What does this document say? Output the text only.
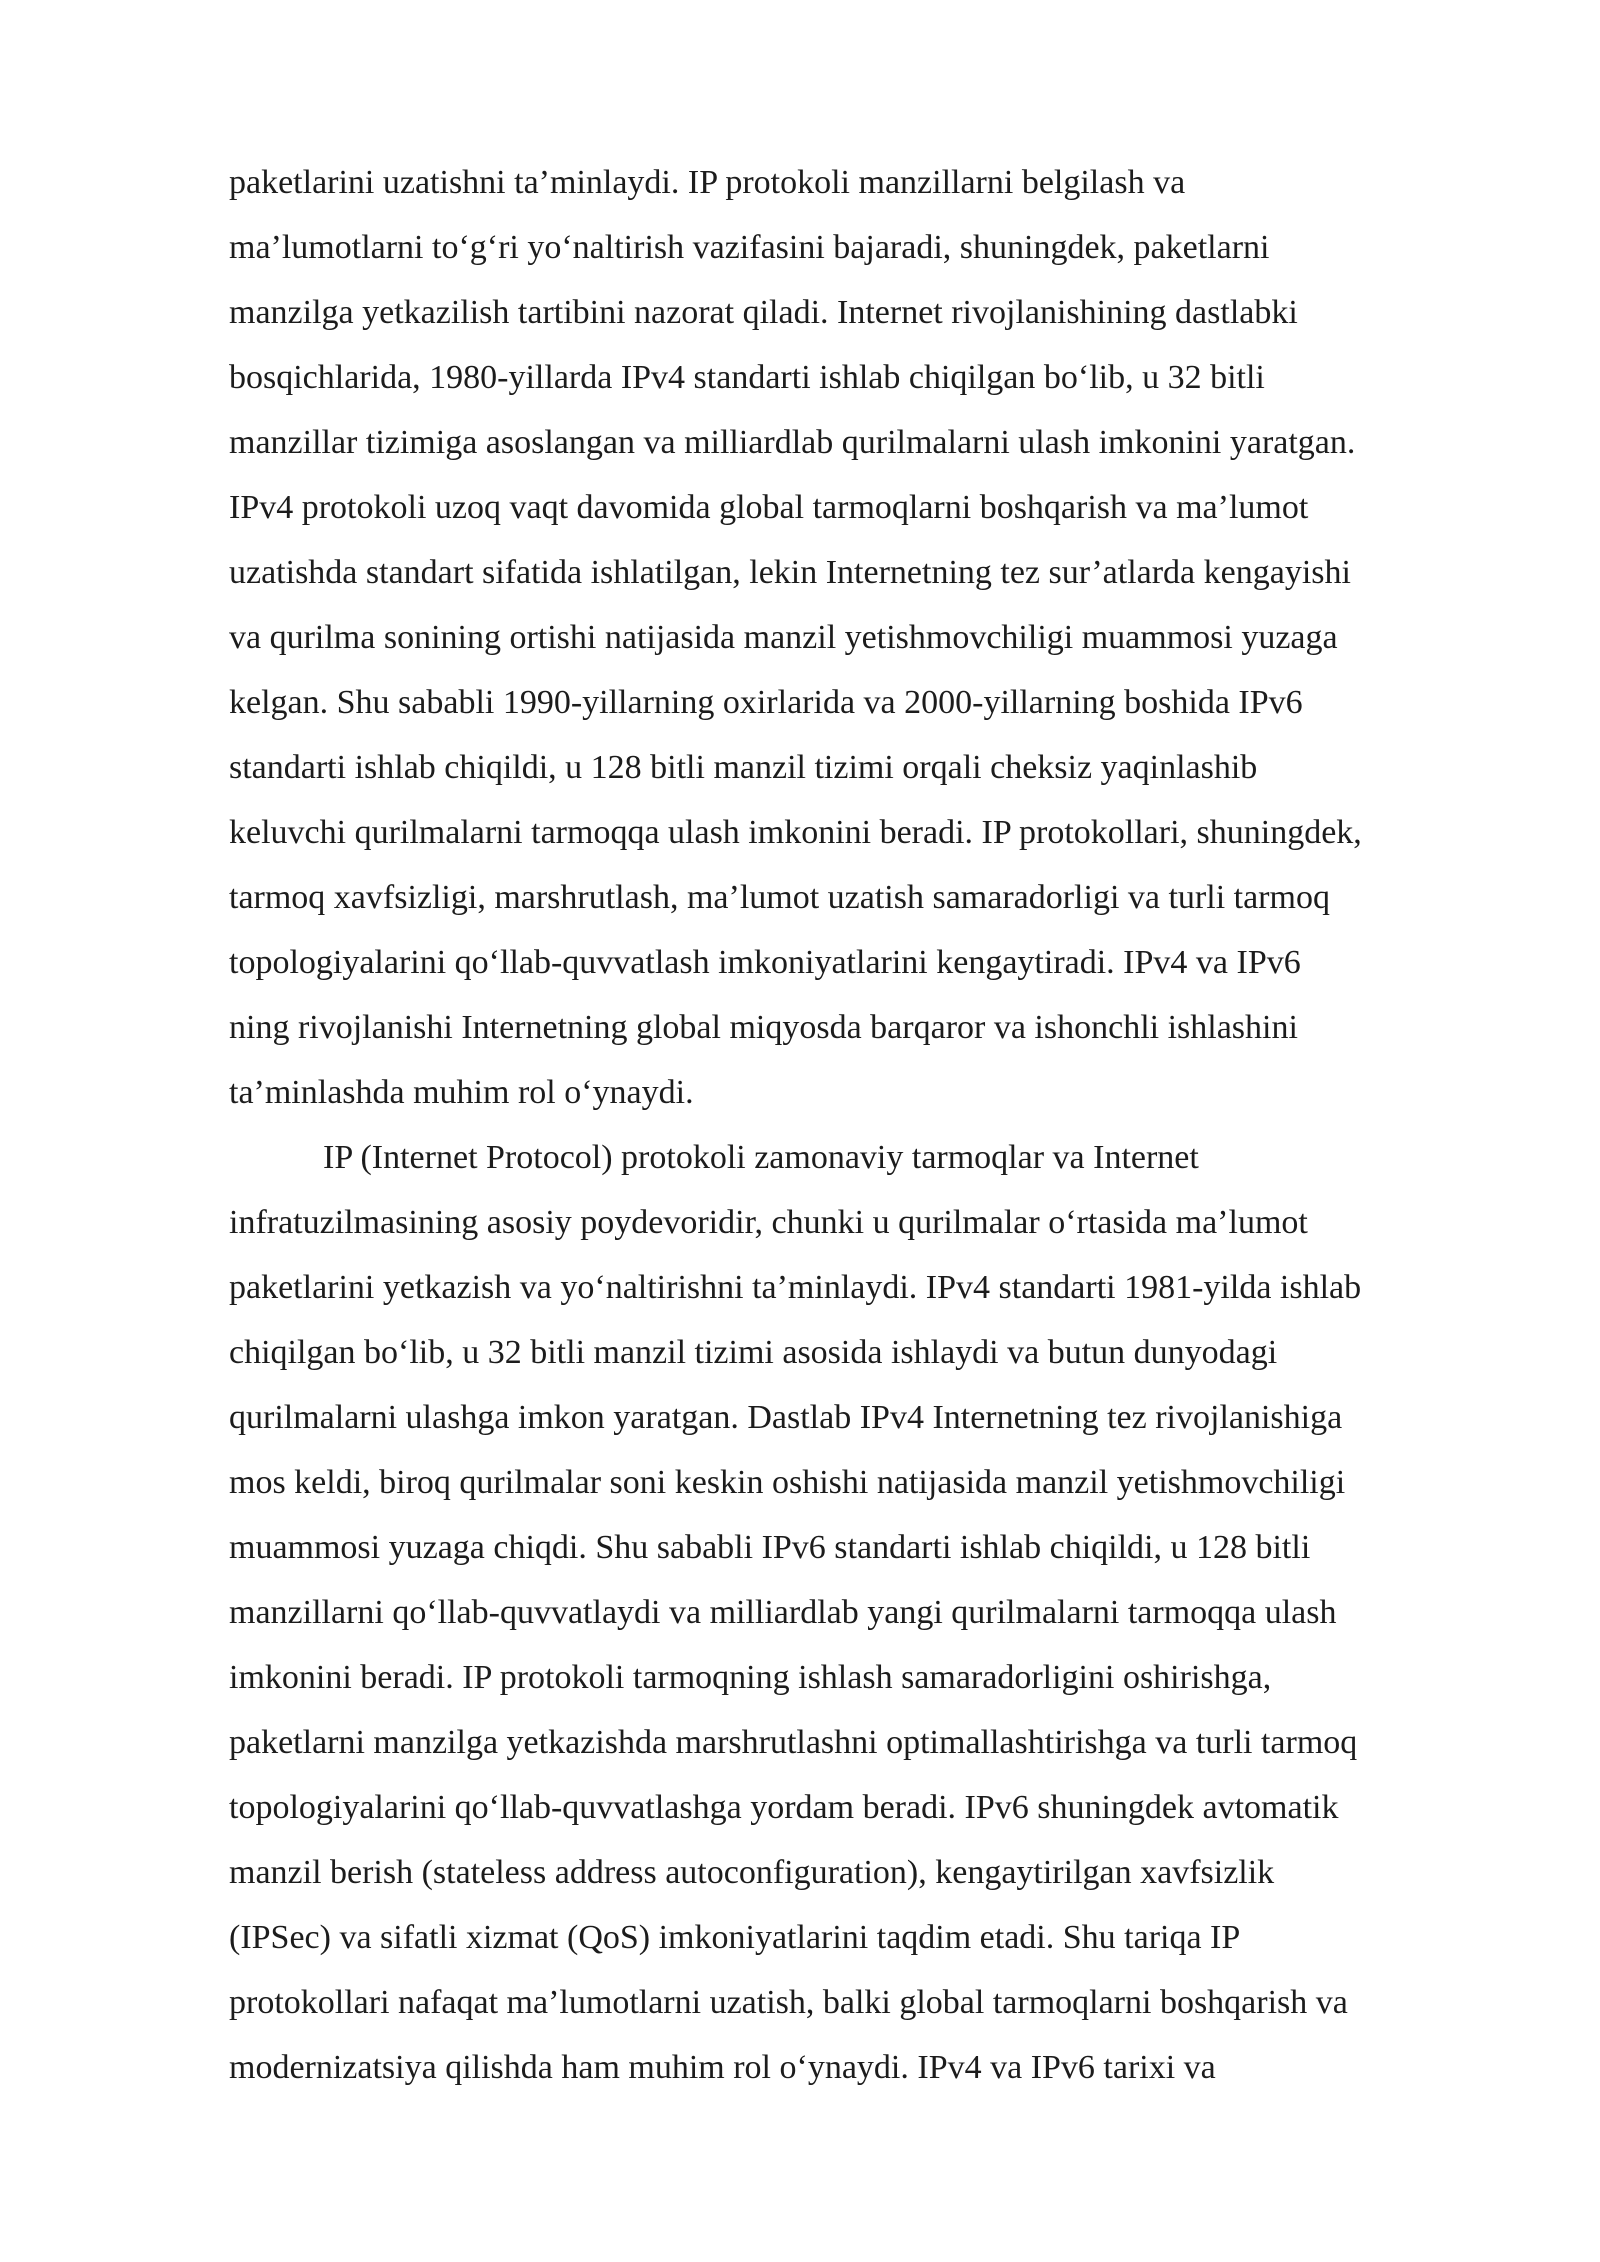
paketlarini uzatishni ta’minlaydi. IP protokoli manzillarni belgilash va
ma’lumotlarni to‘g‘ri yo‘naltirish vazifasini bajaradi, shuningdek, paketlarni
manzilga yetkazilish tartibini nazorat qiladi. Internet rivojlanishining dastlabki
bosqichlarida, 1980-yillarda IPv4 standarti ishlab chiqilgan bo‘lib, u 32 bitli
manzillar tizimiga asoslangan va milliardlab qurilmalarni ulash imkonini yaratgan.
IPv4 protokoli uzoq vaqt davomida global tarmoqlarni boshqarish va ma’lumot
uzatishda standart sifatida ishlatilgan, lekin Internetning tez sur’atlarda kengayishi
va qurilma sonining ortishi natijasida manzil yetishmovchiligi muammosi yuzaga
kelgan. Shu sababli 1990-yillarning oxirlarida va 2000-yillarning boshida IPv6
standarti ishlab chiqildi, u 128 bitli manzil tizimi orqali cheksiz yaqinlashib
keluvchi qurilmalarni tarmoqqa ulash imkonini beradi. IP protokollari, shuningdek,
tarmoq xavfsizligi, marshrutlash, ma’lumot uzatish samaradorligi va turli tarmoq
topologiyalarini qo‘llab-quvvatlash imkoniyatlarini kengaytiradi. IPv4 va IPv6
ning rivojlanishi Internetning global miqyosda barqaror va ishonchli ishlashini
ta’minlashda muhim rol o‘ynaydi.
IP (Internet Protocol) protokoli zamonaviy tarmoqlar va Internet
infratuzilmasining asosiy poydevoridir, chunki u qurilmalar o‘rtasida ma’lumot
paketlarini yetkazish va yo‘naltirishni ta’minlaydi. IPv4 standarti 1981-yilda ishlab
chiqilgan bo‘lib, u 32 bitli manzil tizimi asosida ishlaydi va butun dunyodagi
qurilmalarni ulashga imkon yaratgan. Dastlab IPv4 Internetning tez rivojlanishiga
mos keldi, biroq qurilmalar soni keskin oshishi natijasida manzil yetishmovchiligi
muammosi yuzaga chiqdi. Shu sababli IPv6 standarti ishlab chiqildi, u 128 bitli
manzillarni qo‘llab-quvvatlaydi va milliardlab yangi qurilmalarni tarmoqqa ulash
imkonini beradi. IP protokoli tarmoqning ishlash samaradorligini oshirishga,
paketlarni manzilga yetkazishda marshrutlashni optimallashtirishga va turli tarmoq
topologiyalarini qo‘llab-quvvatlashga yordam beradi. IPv6 shuningdek avtomatik
manzil berish (stateless address autoconfiguration), kengaytirilgan xavfsizlik
(IPSec) va sifatli xizmat (QoS) imkoniyatlarini taqdim etadi. Shu tariqa IP
protokollari nafaqat ma’lumotlarni uzatish, balki global tarmoqlarni boshqarish va
modernizatsiya qilishda ham muhim rol o‘ynaydi. IPv4 va IPv6 tarixi va
